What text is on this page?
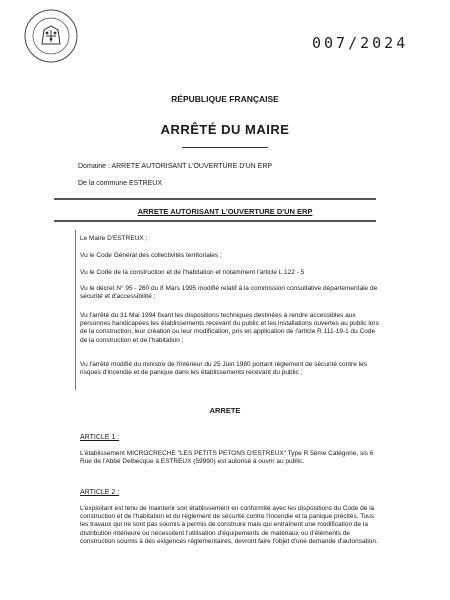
007/2024
RÉPUBLIQUE FRANÇAISE
ARRÊTÉ DU MAIRE
Domaine : ARRETE AUTORISANT L'OUVERTURE D'UN ERP
De la commune ESTREUX
ARRETE AUTORISANT L'OUVERTURE D'UN ERP
Le Maire D'ESTREUX ;
Vu le Code Général des collectivités territoriales ;
Vu le Code de la construction et de l'habitation et notamment l'article L 122 - 5
Vu le décret N° 95 - 260 du 8 Mars 1995 modifié relatif à la commission consultative départementale de sécurité et d'accessibilité ;
Vu l'arrêté du 31 Mai 1994 fixant les dispositions techniques destinées à rendre accessibles aux personnes handicapées les établissements recevant du public et les installations ouvertes au public lors de la construction, leur création ou leur modification, pris en application de l'article R 111-19-1 du Code de la construction et de l'habitation ;
Vu l'arrêté modifié du ministre de l'intérieur du 25 Juin 1980 portant règlement de sécurité contre les risques d'incendie et de panique dans les établissements recevant du public ;
ARRETE
ARTICLE 1 :
L'établissement MICROCRECHE "LES PETITS PETONS D'ESTREUX" Type R 5ème Catégorie, sis 6 Rue de l'Abbé Delbecque à ESTREUX (59990) est autorisé à ouvrir au public.
ARTICLE 2 :
L'exploitant est tenu de maintenir son établissement en conformité avec les dispositions du Code de la construction et de l'habitation et du règlement de sécurité contre l'incendie et la panique précités. Tous les travaux qui ne sont pas soumis à permis de construire mais qui entraînent une modification de la distribution intérieure ou nécessitent l'utilisation d'équipements de matériaux ou d'éléments de construction soumis à des exigences réglementaires, devront faire l'objet d'une demande d'autorisation.
